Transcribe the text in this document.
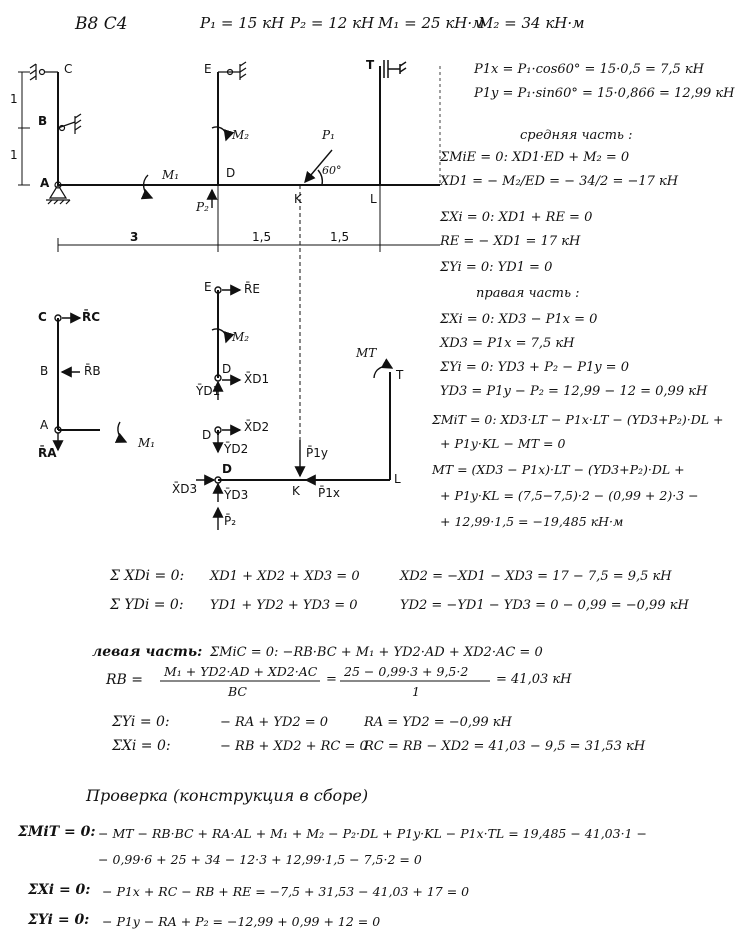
В8 С4	P₁ = 15 кН P₂ = 12 кН M₁ = 25 кН·м
M₂ = 34 кН·м
C	E	T
B
A
D
K	L
M₁
M₂	P₁
P₂
60°
1
1
3	1,5	1,5
C	R̄C
B	R̄B
A
R̄A
M₁
E	R̄E
M₂
D
X̄D1
ȲD1
D
X̄D2
ȲD2
X̄D3
D
ȲD3
P̄₂
MT
T
L
K
P̄1y
P̄1x
P1x = P₁·cos60° = 15·0,5 = 7,5 кН
P1y = P₁·sin60° = 15·0,866 = 12,99 кН
средняя часть :
ΣMiE = 0: XD1·ED + M₂ = 0
XD1 = − M₂/ED = − 34/2 = −17 кН
ΣXi = 0: XD1 + RE = 0
RE = − XD1 = 17 кН
ΣYi = 0: YD1 = 0
правая часть :
ΣXi = 0: XD3 − P1x = 0
XD3 = P1x = 7,5 кН
ΣYi = 0: YD3 + P₂ − P1y = 0
YD3 = P1y − P₂ = 12,99 − 12 = 0,99 кН
ΣMiT = 0: XD3·LT − P1x·LT − (YD3+P₂)·DL +
+ P1y·KL − MT = 0
MT = (XD3 − P1x)·LT − (YD3+P₂)·DL +
+ P1y·KL = (7,5−7,5)·2 − (0,99 + 2)·3 −
+ 12,99·1,5 = −19,485 кН·м
Σ XDi = 0: XD1 + XD2 + XD3 = 0	XD2 = −XD1 − XD3 = 17 − 7,5 = 9,5 кН
Σ YDi = 0: YD1 + YD2 + YD3 = 0	YD2 = −YD1 − YD3 = 0 − 0,99 = −0,99 кН
левая часть: ΣMiC = 0: −RB·BC + M₁ + YD2·AD + XD2·AC = 0
RB =
M₁ + YD2·AD + XD2·AC
BC
=
25 − 0,99·3 + 9,5·2
1
= 41,03 кН
ΣYi = 0:	− RA + YD2 = 0	RA = YD2 = −0,99 кН
ΣXi = 0:	− RB + XD2 + RC = 0
RC = RB − XD2 = 41,03 − 9,5 = 31,53 кН
Проверка (конструкция в сборе)
ΣMiT = 0: − MT − RB·BC + RA·AL + M₁ + M₂ − P₂·DL + P1y·KL − P1x·TL = 19,485 − 41,03·1 −
− 0,99·6 + 25 + 34 − 12·3 + 12,99·1,5 − 7,5·2 = 0
ΣXi = 0: − P1x + RC − RB + RE = −7,5 + 31,53 − 41,03 + 17 = 0
ΣYi = 0: − P1y − RA + P₂ = −12,99 + 0,99 + 12 = 0
